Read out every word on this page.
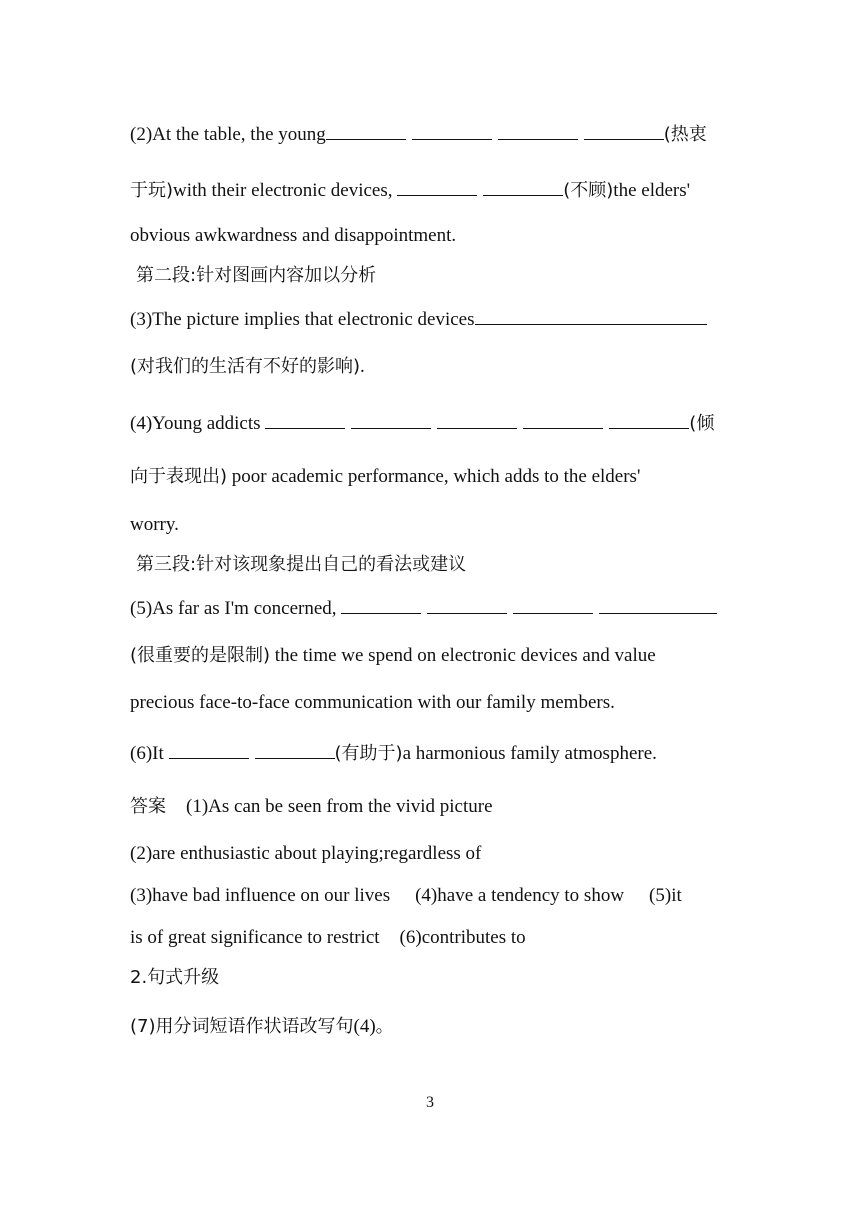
(2)At the table, the young	(热衷
于玩)with their electronic devices,	(不顾)the elders'
obvious awkwardness and disappointment.
第二段:针对图画内容加以分析
(3)The picture implies that electronic devices
(对我们的生活有不好的影响).
(4)Young addicts	(倾
向于表现出) poor academic performance, which adds to the elders'
worry.
第三段:针对该现象提出自己的看法或建议
(5)As far as I'm concerned,
(很重要的是限制) the time we spend on electronic devices and value
precious face-to-face communication with our family members.
(6)It	(有助于)a harmonious family atmosphere.
答案 (1)As can be seen from the vivid picture
(2)are enthusiastic about playing;regardless of
(3)have bad influence on our lives (4)have a tendency to show (5)it
is of great significance to restrict (6)contributes to
2.句式升级
(7)用分词短语作状语改写句(4)。
3
